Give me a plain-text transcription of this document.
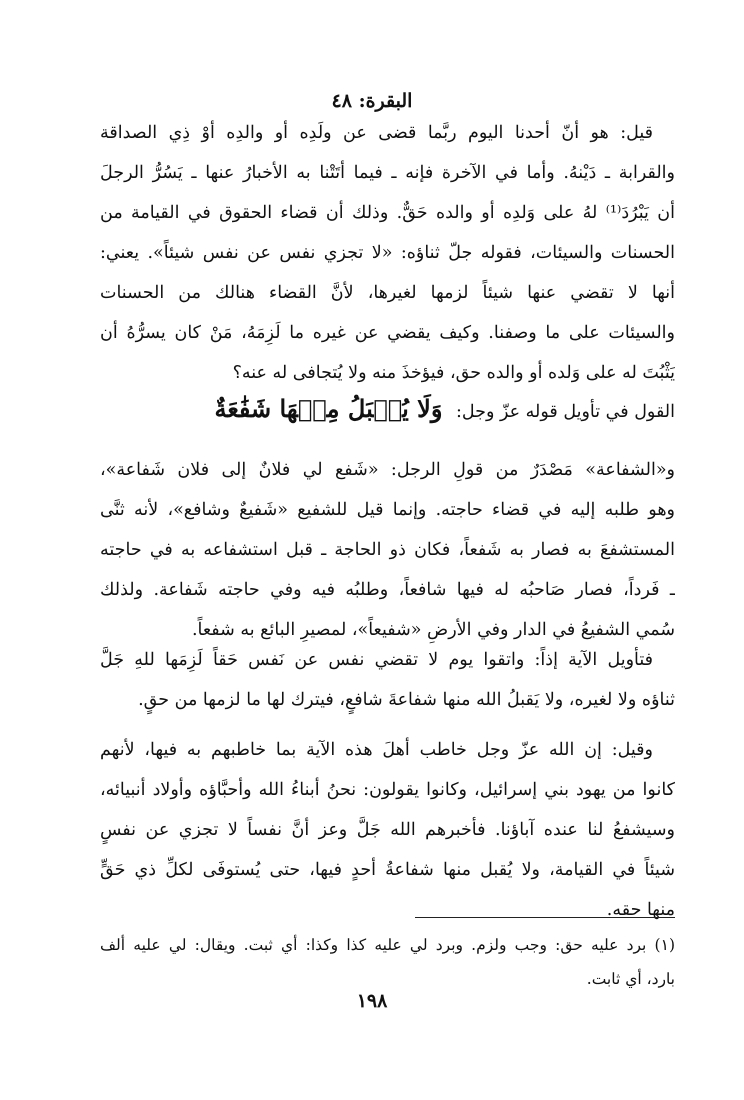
البقرة: ٤٨
قيل: هو أنّ أحدنا اليوم ربَّما قضى عن ولَدِه أو والدِه أوْ ذِي الصداقة
والقرابة ـ دَيْنهُ. وأما في الآخرة فإنه ـ فيما أتَتْنا به الأخبارُ عنها ـ يَسُرُّ الرجلَ
أن يَبْرُدَ⁽¹⁾ لهُ على وَلدِه أو والده حَقٌّ. وذلك أن قضاء الحقوق في القيامة من
الحسنات والسيئات، فقوله جلّ ثناؤه: «لا تجزي نفس عن نفس شيئاً». يعني:
أنها لا تقضي عنها شيئاً لزمها لغيرها، لأنَّ القضاء هنالك من الحسنات
والسيئات على ما وصفنا. وكيف يقضي عن غيره ما لَزِمَهُ، مَنْ كان يسرُّهُ أن
يَثْبُتَ له على وَلده أو والده حق، فيؤخذَ منه ولا يُتجافى له عنه؟
القول في تأويل قوله عزّ وجل: وَلَا يُقۡبَلُ مِنۡهَا شَفَٰعَةٌ
و«الشفاعة» مَصْدَرٌ من قولِ الرجل: «شَفع لي فلانٌ إلى فلان شَفاعة»،
وهو طلبه إليه في قضاء حاجته. وإنما قيل للشفيع «شَفيعٌ وشافع»، لأنه ثنَّى
المستشفعَ به فصار به شَفعاً، فكان ذو الحاجة ـ قبل استشفاعه به في حاجته
ـ فَرداً، فصار صَاحبُه له فيها شافعاً، وطلبُه فيه وفي حاجته شَفاعة. ولذلك
سُمي الشفيعُ في الدار وفي الأرضِ «شفيعاً»، لمصيرِ البائع به شفعاً.
فتأويل الآية إذاً: واتقوا يوم لا تقضي نفس عن نَفس حَقاً لَزِمَها للهِ جَلَّ
ثناؤه ولا لغيره، ولا يَقبلُ الله منها شفاعةَ شافعٍ، فيترك لها ما لزمها من حقٍ.
وقيل: إن الله عزّ وجل خاطب أهلَ هذه الآية بما خاطبهم به فيها، لأنهم
كانوا من يهود بني إسرائيل، وكانوا يقولون: نحنُ أبناءُ الله وأحبَّاؤه وأولاد أنبيائه،
وسيشفعُ لنا عنده آباؤنا. فأخبرهم الله جَلَّ وعز أنَّ نفساً لا تجزي عن نفسٍ
شيئاً في القيامة، ولا يُقبل منها شفاعةُ أحدٍ فيها، حتى يُستوفَى لكلِّ ذي حَقٍّ
منها حقه.
(١) برد عليه حق: وجب ولزم. وبرد لي عليه كذا وكذا: أي ثبت. ويقال: لي عليه ألف
بارد، أي ثابت.
١٩٨
